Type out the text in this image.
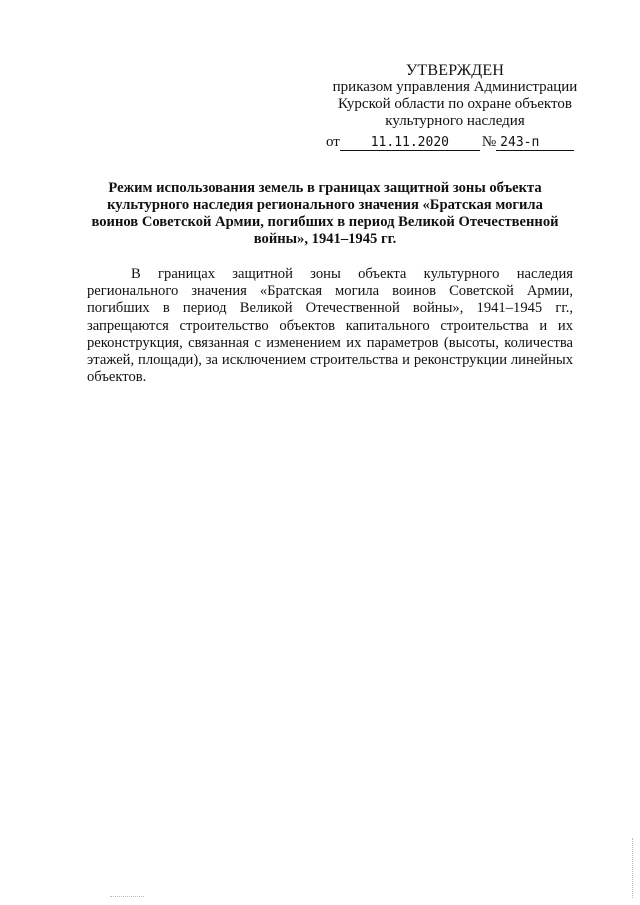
УТВЕРЖДЕН
приказом управления Администрации
Курской области по охране объектов
культурного наследия
от 11.11.2020 № 243-п
Режим использования земель в границах защитной зоны объекта культурного наследия регионального значения «Братская могила воинов Советской Армии, погибших в период Великой Отечественной войны», 1941–1945 гг.

В границах защитной зоны объекта культурного наследия регионального значения «Братская могила воинов Советской Армии, погибших в период Великой Отечественной войны», 1941–1945 гг., запрещаются строительство объектов капитального строительства и их реконструкция, связанная с изменением их параметров (высоты, количества этажей, площади), за исключением строительства и реконструкции линейных объектов.
